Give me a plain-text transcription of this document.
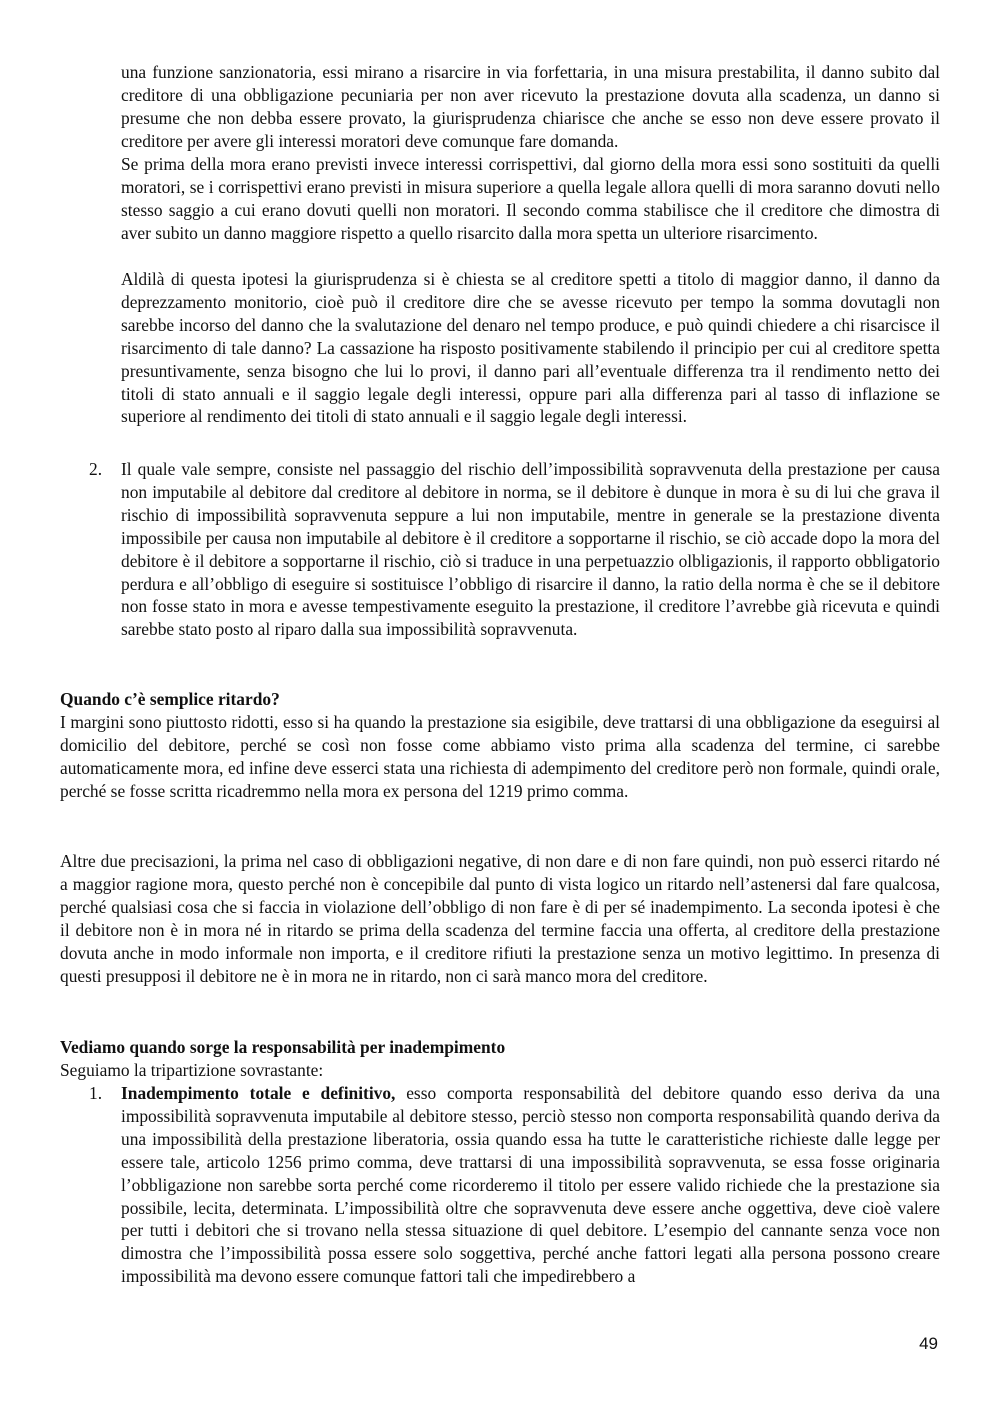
una funzione sanzionatoria, essi mirano a risarcire in via forfettaria, in una misura prestabilita, il danno subito dal creditore di una obbligazione pecuniaria per non aver ricevuto la prestazione dovuta alla scadenza, un danno si presume che non debba essere provato, la giurisprudenza chiarisce che anche se esso non deve essere provato il creditore per avere gli interessi moratori deve comunque fare domanda.

Se prima della mora erano previsti invece interessi corrispettivi, dal giorno della mora essi sono sostituiti da quelli moratori, se i corrispettivi erano previsti in misura superiore a quella legale allora quelli di mora saranno dovuti nello stesso saggio a cui erano dovuti quelli non moratori. Il secondo comma stabilisce che il creditore che dimostra di aver subito un danno maggiore rispetto a quello risarcito dalla mora spetta un ulteriore risarcimento.

Aldilà di questa ipotesi la giurisprudenza si è chiesta se al creditore spetti a titolo di maggior danno, il danno da deprezzamento monitorio, cioè può il creditore dire che se avesse ricevuto per tempo la somma dovutagli non sarebbe incorso del danno che la svalutazione del denaro nel tempo produce, e può quindi chiedere a chi risarcisce il risarcimento di tale danno? La cassazione ha risposto positivamente stabilendo il principio per cui al creditore spetta presuntivamente, senza bisogno che lui lo provi, il danno pari all’eventuale differenza tra il rendimento netto dei titoli di stato annuali e il saggio legale degli interessi, oppure pari alla differenza pari al tasso di inflazione se superiore al rendimento dei titoli di stato annuali e il saggio legale degli interessi.

2.	Il quale vale sempre, consiste nel passaggio del rischio dell’impossibilità sopravvenuta della prestazione per causa non imputabile al debitore dal creditore al debitore in norma, se il debitore è dunque in mora è su di lui che grava il rischio di impossibilità sopravvenuta seppure a lui non imputabile, mentre in generale se la prestazione diventa impossibile per causa non imputabile al debitore è il creditore a sopportarne il rischio, se ciò accade dopo la mora del debitore è il debitore a sopportarne il rischio, ciò si traduce in una perpetuazzio olbligazionis, il rapporto obbligatorio perdura e all’obbligo di eseguire si sostituisce l’obbligo di risarcire il danno, la ratio della norma è che se il debitore non fosse stato in mora e avesse tempestivamente eseguito la prestazione, il creditore l’avrebbe già ricevuta e quindi sarebbe stato posto al riparo dalla sua impossibilità sopravvenuta.

Quando c’è semplice ritardo?

I margini sono piuttosto ridotti, esso si ha quando la prestazione sia esigibile, deve trattarsi di una obbligazione da eseguirsi al domicilio del debitore, perché se così non fosse come abbiamo visto prima alla scadenza del termine, ci sarebbe automaticamente mora, ed infine deve esserci stata una richiesta di adempimento del creditore però non formale, quindi orale, perché se fosse scritta ricadremmo nella mora ex persona del 1219 primo comma.

Altre due precisazioni, la prima nel caso di obbligazioni negative, di non dare e di non fare quindi, non può esserci ritardo né a maggior ragione mora, questo perché non è concepibile dal punto di vista logico un ritardo nell’astenersi dal fare qualcosa, perché qualsiasi cosa che si faccia in violazione dell’obbligo di non fare è di per sé inadempimento. La seconda ipotesi è che il debitore non è in mora né in ritardo se prima della scadenza del termine faccia una offerta, al creditore della prestazione dovuta anche in modo informale non importa, e il creditore rifiuti la prestazione senza un motivo legittimo. In presenza di questi presupposi il debitore ne è in mora ne in ritardo, non ci sarà manco mora del creditore.

Vediamo quando sorge la responsabilità per inadempimento

Seguiamo la tripartizione sovrastante:

1.	Inadempimento totale e definitivo, esso comporta responsabilità del debitore quando esso deriva da una impossibilità sopravvenuta imputabile al debitore stesso, perciò stesso non comporta responsabilità quando deriva da una impossibilità della prestazione liberatoria, ossia quando essa ha tutte le caratteristiche richieste dalle legge per essere tale, articolo 1256 primo comma, deve trattarsi di una impossibilità sopravvenuta, se essa fosse originaria l’obbligazione non sarebbe sorta perché come ricorderemo il titolo per essere valido richiede che la prestazione sia possibile, lecita, determinata. L’impossibilità oltre che sopravvenuta deve essere anche oggettiva, deve cioè valere per tutti i debitori che si trovano nella stessa situazione di quel debitore. L’esempio del cannante senza voce non dimostra che l’impossibilità possa essere solo soggettiva, perché anche fattori legati alla persona possono creare impossibilità ma devono essere comunque fattori tali che impedirebbero a

49
